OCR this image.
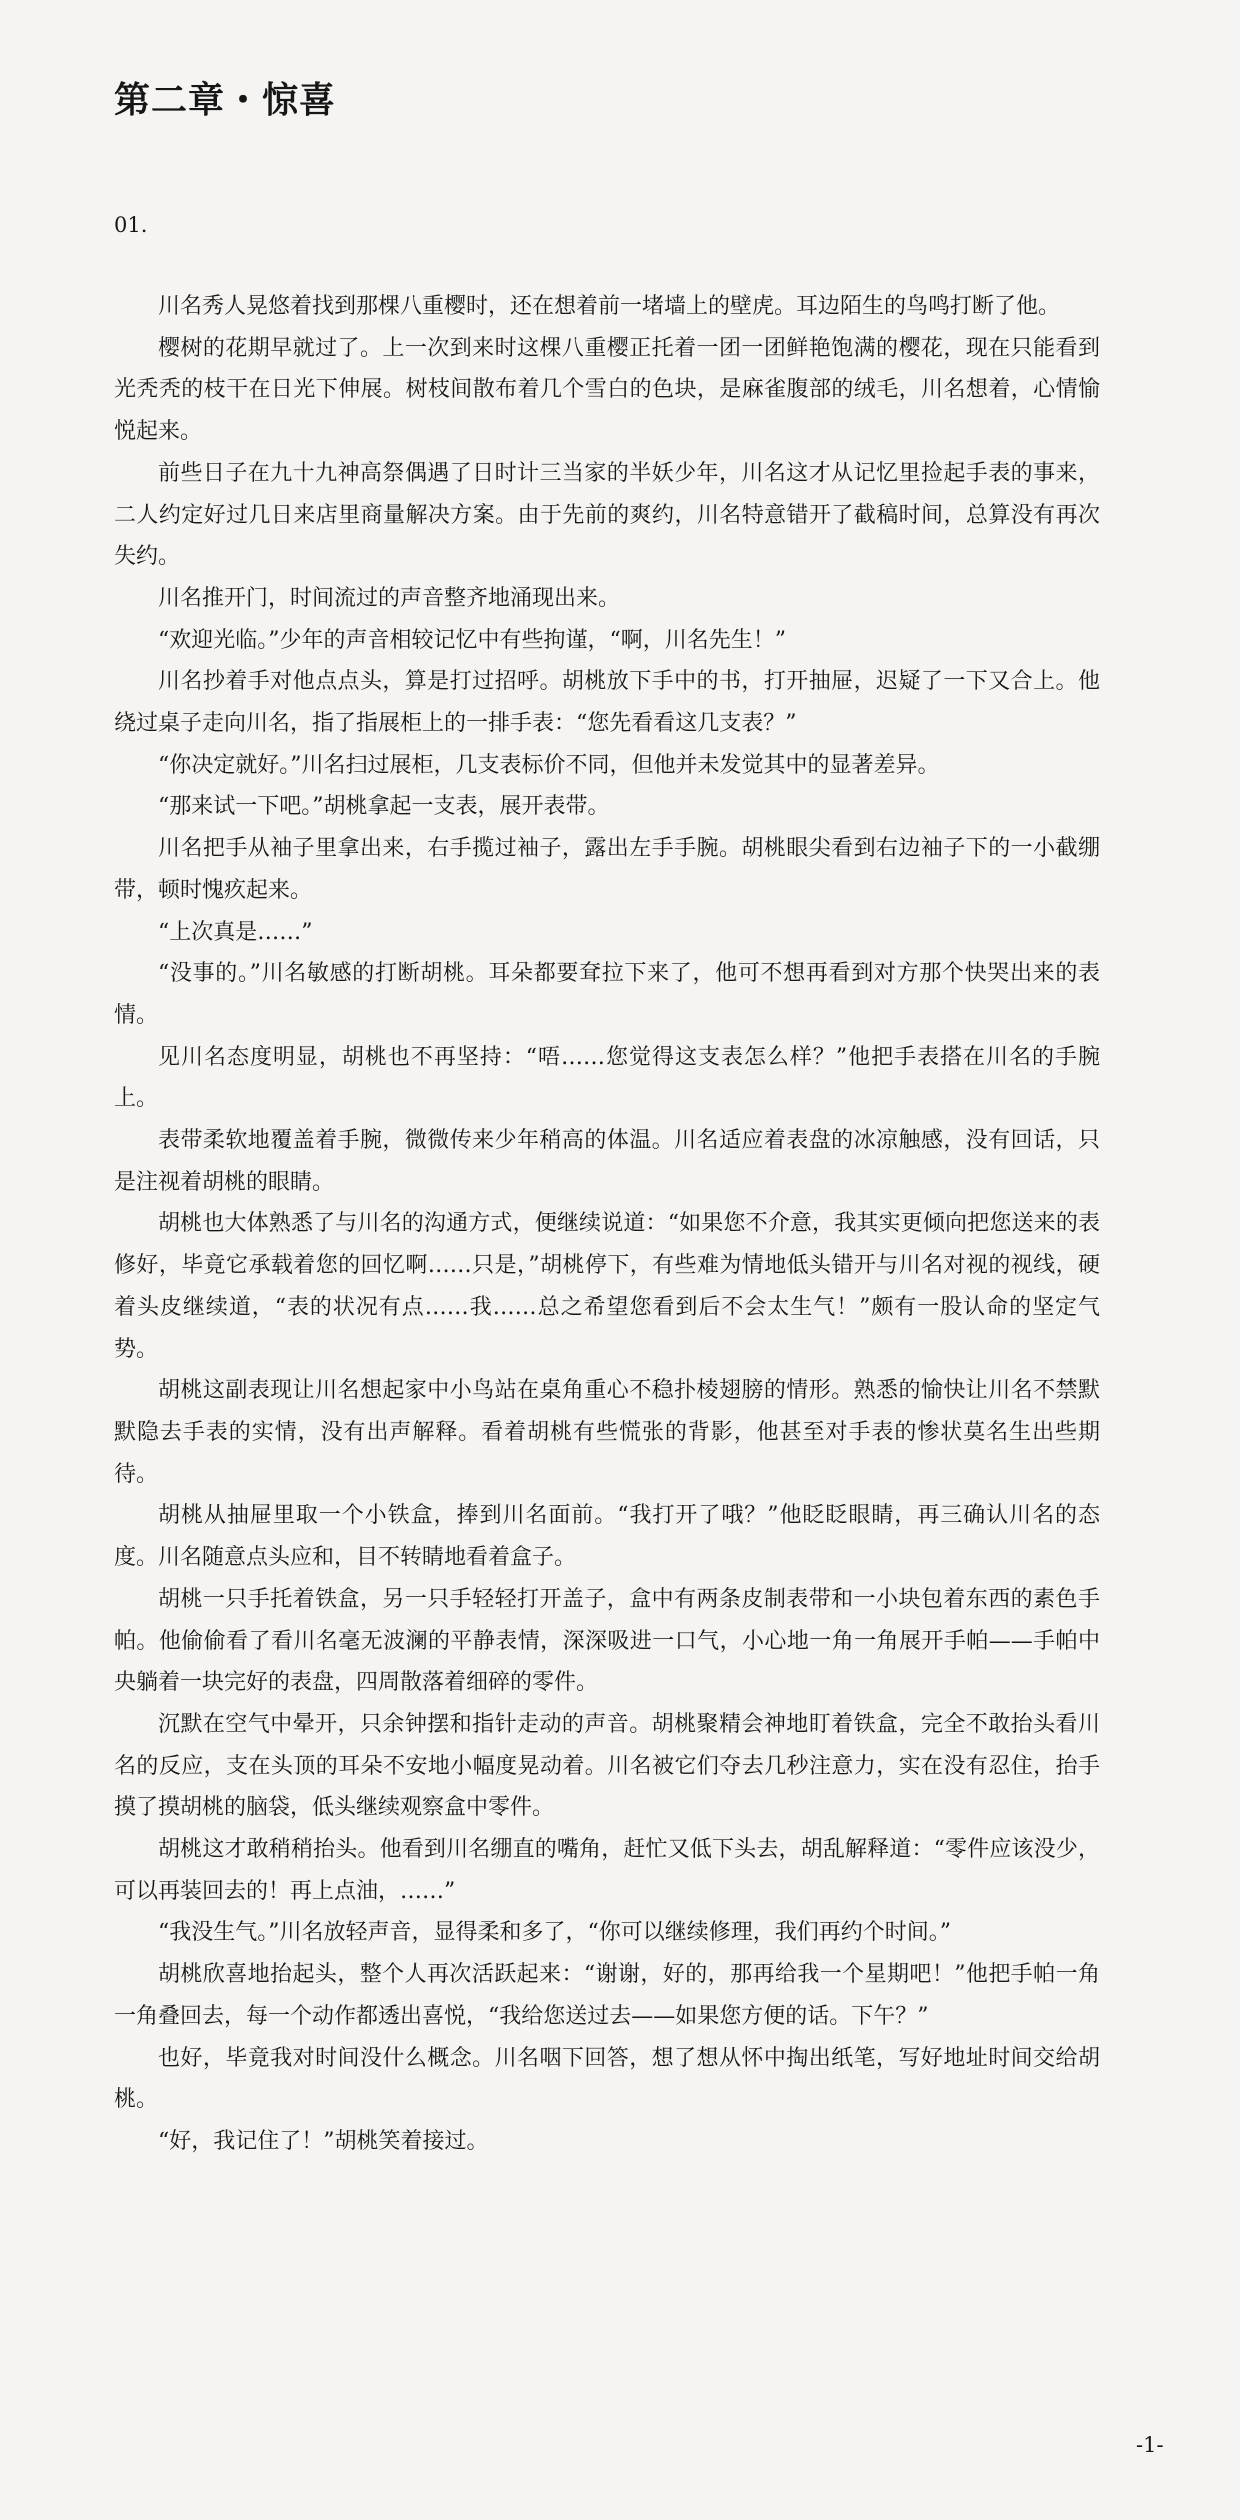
第二章・惊喜

01.

川名秀人晃悠着找到那棵八重樱时，还在想着前一堵墙上的壁虎。耳边陌生的鸟鸣打断了他。

樱树的花期早就过了。上一次到来时这棵八重樱正托着一团一团鲜艳饱满的樱花，现在只能看到光秃秃的枝干在日光下伸展。树枝间散布着几个雪白的色块，是麻雀腹部的绒毛，川名想着，心情愉悦起来。

前些日子在九十九神高祭偶遇了日时计三当家的半妖少年，川名这才从记忆里捡起手表的事来，二人约定好过几日来店里商量解决方案。由于先前的爽约，川名特意错开了截稿时间，总算没有再次失约。

川名推开门，时间流过的声音整齐地涌现出来。

“欢迎光临。”少年的声音相较记忆中有些拘谨，“啊，川名先生！”

川名抄着手对他点点头，算是打过招呼。胡桃放下手中的书，打开抽屉，迟疑了一下又合上。他绕过桌子走向川名，指了指展柜上的一排手表：“您先看看这几支表？”

“你决定就好。”川名扫过展柜，几支表标价不同，但他并未发觉其中的显著差异。

“那来试一下吧。”胡桃拿起一支表，展开表带。

川名把手从袖子里拿出来，右手揽过袖子，露出左手手腕。胡桃眼尖看到右边袖子下的一小截绷带，顿时愧疚起来。

“上次真是……”

“没事的。”川名敏感的打断胡桃。耳朵都要耷拉下来了，他可不想再看到对方那个快哭出来的表情。

见川名态度明显，胡桃也不再坚持：“唔……您觉得这支表怎么样？”他把手表搭在川名的手腕上。

表带柔软地覆盖着手腕，微微传来少年稍高的体温。川名适应着表盘的冰凉触感，没有回话，只是注视着胡桃的眼睛。

胡桃也大体熟悉了与川名的沟通方式，便继续说道：“如果您不介意，我其实更倾向把您送来的表修好，毕竟它承载着您的回忆啊……只是，”胡桃停下，有些难为情地低头错开与川名对视的视线，硬着头皮继续道，“表的状况有点……我……总之希望您看到后不会太生气！”颇有一股认命的坚定气势。

胡桃这副表现让川名想起家中小鸟站在桌角重心不稳扑棱翅膀的情形。熟悉的愉快让川名不禁默默隐去手表的实情，没有出声解释。看着胡桃有些慌张的背影，他甚至对手表的惨状莫名生出些期待。

胡桃从抽屉里取一个小铁盒，捧到川名面前。“我打开了哦？”他眨眨眼睛，再三确认川名的态度。川名随意点头应和，目不转睛地看着盒子。

胡桃一只手托着铁盒，另一只手轻轻打开盖子，盒中有两条皮制表带和一小块包着东西的素色手帕。他偷偷看了看川名毫无波澜的平静表情，深深吸进一口气，小心地一角一角展开手帕——手帕中央躺着一块完好的表盘，四周散落着细碎的零件。

沉默在空气中晕开，只余钟摆和指针走动的声音。胡桃聚精会神地盯着铁盒，完全不敢抬头看川名的反应，支在头顶的耳朵不安地小幅度晃动着。川名被它们夺去几秒注意力，实在没有忍住，抬手摸了摸胡桃的脑袋，低头继续观察盒中零件。

胡桃这才敢稍稍抬头。他看到川名绷直的嘴角，赶忙又低下头去，胡乱解释道：“零件应该没少，可以再装回去的！再上点油，……”

“我没生气。”川名放轻声音，显得柔和多了，“你可以继续修理，我们再约个时间。”

胡桃欣喜地抬起头，整个人再次活跃起来：“谢谢，好的，那再给我一个星期吧！”他把手帕一角一角叠回去，每一个动作都透出喜悦，“我给您送过去——如果您方便的话。下午？”

也好，毕竟我对时间没什么概念。川名咽下回答，想了想从怀中掏出纸笔，写好地址时间交给胡桃。

“好，我记住了！”胡桃笑着接过。

-1-
